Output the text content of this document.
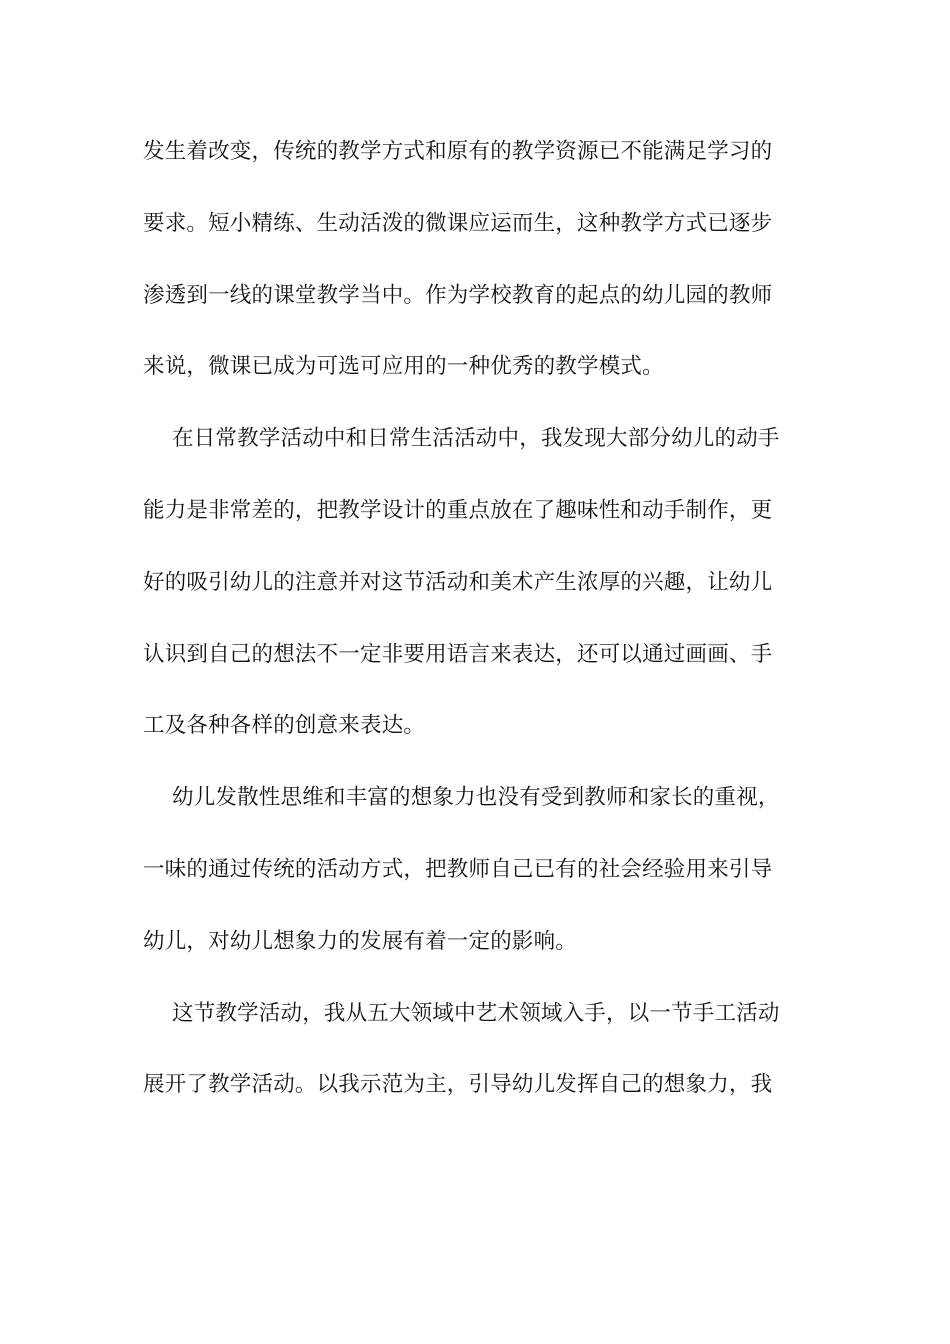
发生着改变，传统的教学方式和原有的教学资源已不能满足学习的
要求。短小精练、生动活泼的微课应运而生，这种教学方式已逐步
渗透到一线的课堂教学当中。作为学校教育的起点的幼儿园的教师
来说，微课已成为可选可应用的一种优秀的教学模式。
在日常教学活动中和日常生活活动中，我发现大部分幼儿的动手
能力是非常差的，把教学设计的重点放在了趣味性和动手制作，更
好的吸引幼儿的注意并对这节活动和美术产生浓厚的兴趣，让幼儿
认识到自己的想法不一定非要用语言来表达，还可以通过画画、手
工及各种各样的创意来表达。
幼儿发散性思维和丰富的想象力也没有受到教师和家长的重视，
一味的通过传统的活动方式，把教师自己已有的社会经验用来引导
幼儿，对幼儿想象力的发展有着一定的影响。
这节教学活动，我从五大领域中艺术领域入手，以一节手工活动
展开了教学活动。以我示范为主，引导幼儿发挥自己的想象力，我
